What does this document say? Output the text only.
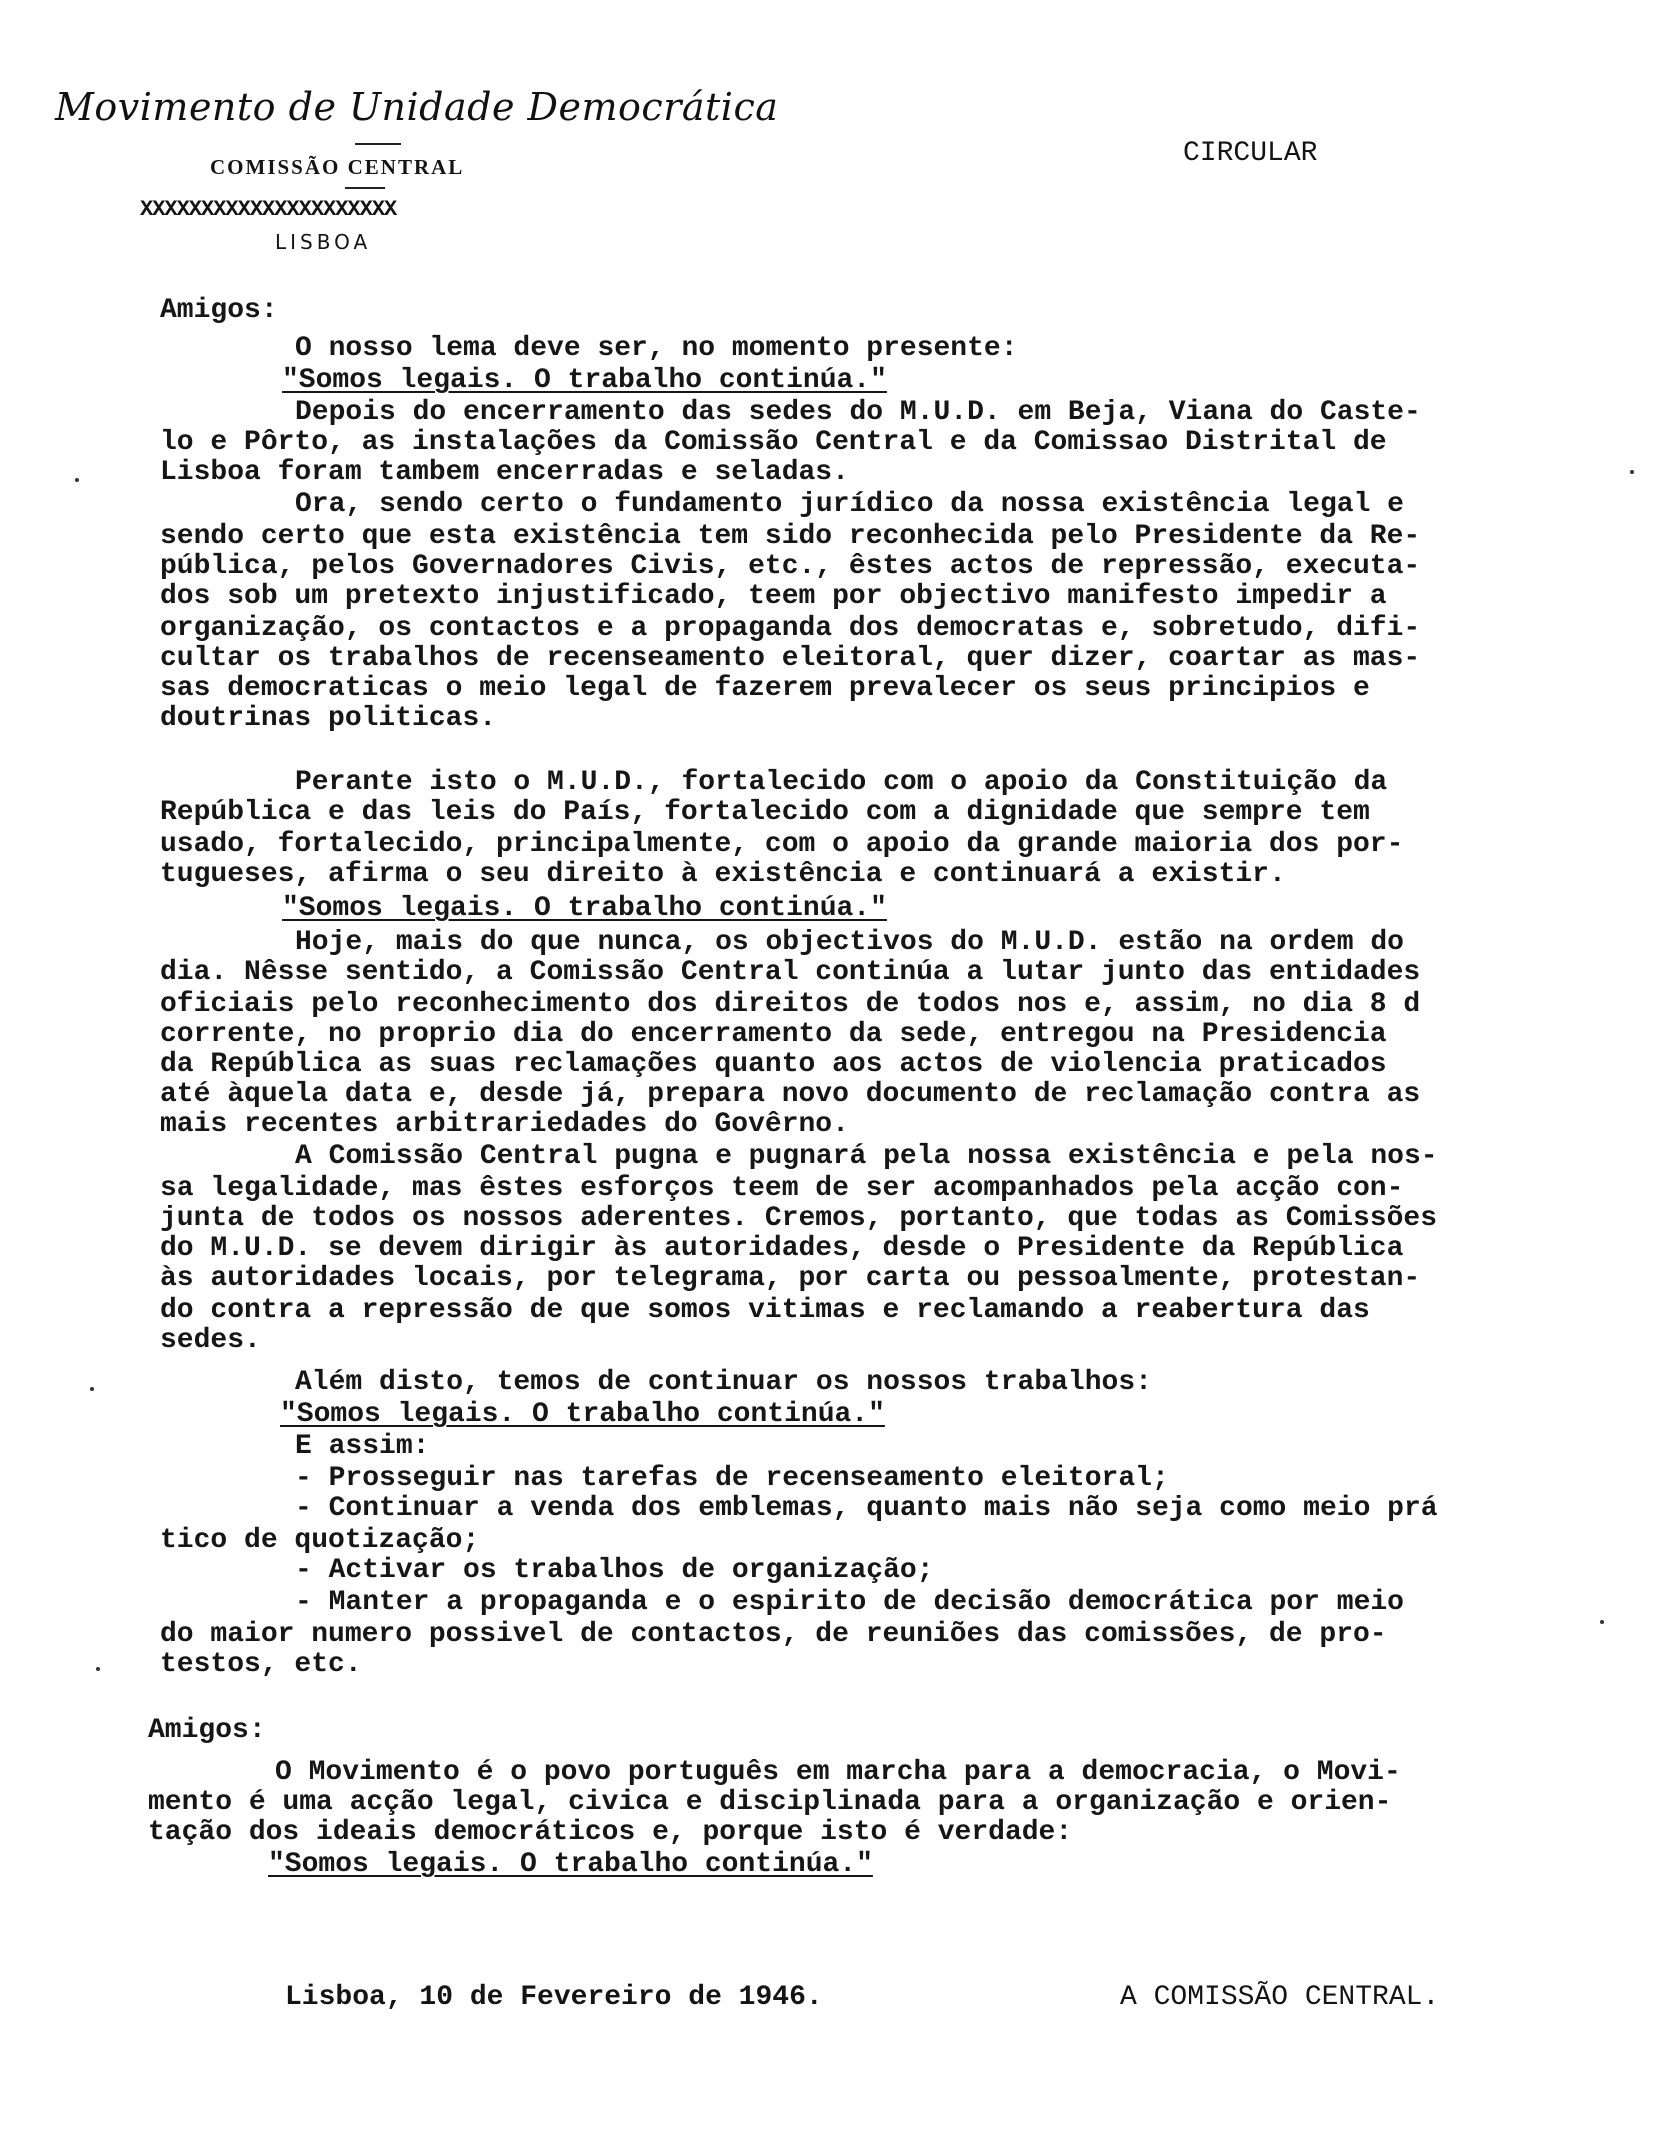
Movimento de Unidade Democrática
COMISSÃO CENTRAL
XXXXXXXXXXXXXXXXXXXXX
LISBOA
CIRCULAR
Amigos:
O nosso lema deve ser, no momento presente:
"Somos legais. O trabalho continúa."
Depois do encerramento das sedes do M.U.D. em Beja, Viana do Caste-
lo e Pôrto, as instalações da Comissão Central e da Comissao Distrital de
Lisboa foram tambem encerradas e seladas.
Ora, sendo certo o fundamento jurídico da nossa existência legal e
sendo certo que esta existência tem sido reconhecida pelo Presidente da Re-
pública, pelos Governadores Civis, etc., êstes actos de repressão, executa-
dos sob um pretexto injustificado, teem por objectivo manifesto impedir a
organização, os contactos e a propaganda dos democratas e, sobretudo, difi-
cultar os trabalhos de recenseamento eleitoral, quer dizer, coartar as mas-
sas democraticas o meio legal de fazerem prevalecer os seus principios e
doutrinas politicas.
Perante isto o M.U.D., fortalecido com o apoio da Constituição da
República e das leis do País, fortalecido com a dignidade que sempre tem
usado, fortalecido, principalmente, com o apoio da grande maioria dos por-
tugueses, afirma o seu direito à existência e continuará a existir.
"Somos legais. O trabalho continúa."
Hoje, mais do que nunca, os objectivos do M.U.D. estão na ordem do
dia. Nêsse sentido, a Comissão Central continúa a lutar junto das entidades
oficiais pelo reconhecimento dos direitos de todos nos e, assim, no dia 8 d
corrente, no proprio dia do encerramento da sede, entregou na Presidencia
da República as suas reclamações quanto aos actos de violencia praticados
até àquela data e, desde já, prepara novo documento de reclamação contra as
mais recentes arbitrariedades do Govêrno.
A Comissão Central pugna e pugnará pela nossa existência e pela nos-
sa legalidade, mas êstes esforços teem de ser acompanhados pela acção con-
junta de todos os nossos aderentes. Cremos, portanto, que todas as Comissões
do M.U.D. se devem dirigir às autoridades, desde o Presidente da República
às autoridades locais, por telegrama, por carta ou pessoalmente, protestan-
do contra a repressão de que somos vitimas e reclamando a reabertura das
sedes.
Além disto, temos de continuar os nossos trabalhos:
"Somos legais. O trabalho continúa."
E assim:
- Prosseguir nas tarefas de recenseamento eleitoral;
- Continuar a venda dos emblemas, quanto mais não seja como meio prá
tico de quotização;
- Activar os trabalhos de organização;
- Manter a propaganda e o espirito de decisão democrática por meio
do maior numero possivel de contactos, de reuniões das comissões, de pro-
testos, etc.
Amigos:
O Movimento é o povo português em marcha para a democracia, o Movi-
mento é uma acção legal, civica e disciplinada para a organização e orien-
tação dos ideais democráticos e, porque isto é verdade:
"Somos legais. O trabalho continúa."
Lisboa, 10 de Fevereiro de 1946.	A COMISSÃO CENTRAL.
